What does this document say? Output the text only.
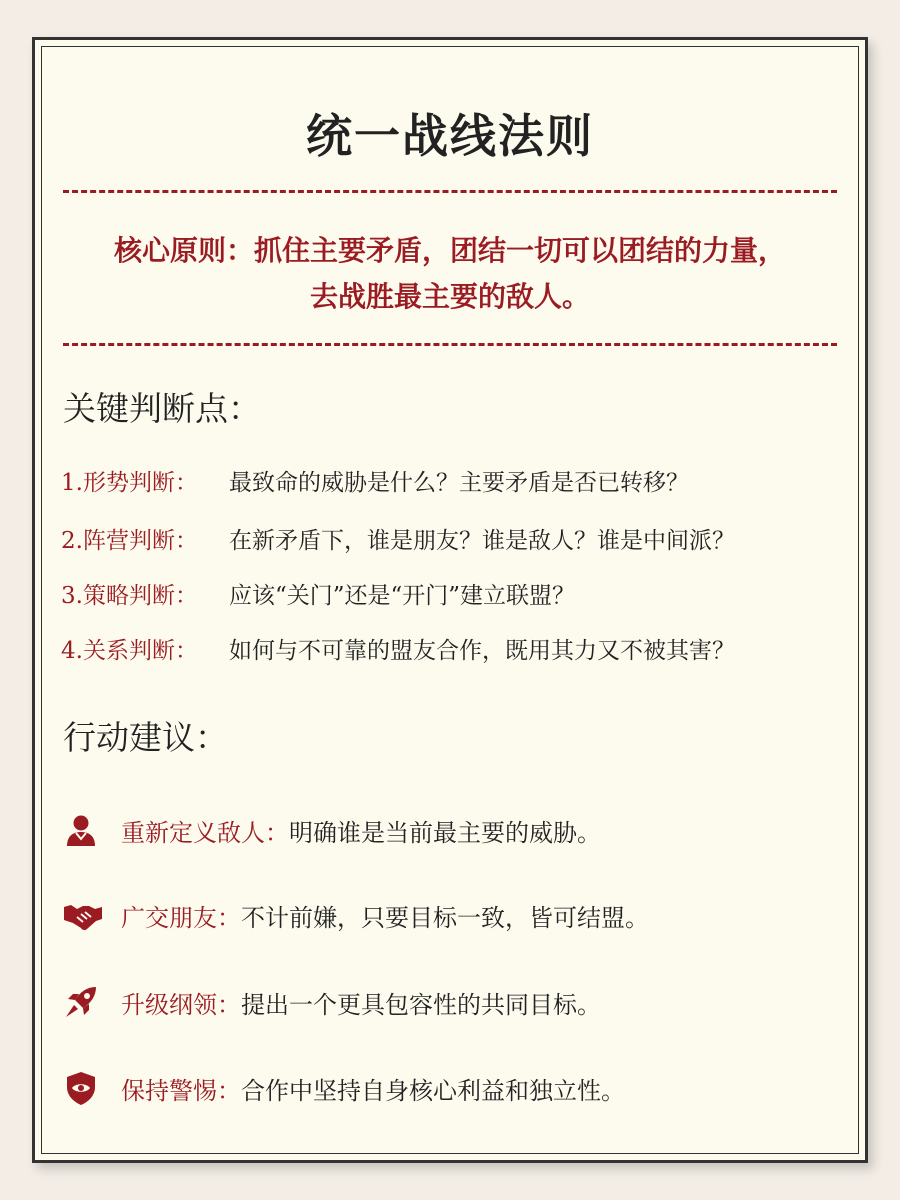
统一战线法则
核心原则：抓住主要矛盾，团结一切可以团结的力量，
去战胜最主要的敌人。
关键判断点：
1.形势判断： 最致命的威胁是什么？主要矛盾是否已转移？
2.阵营判断： 在新矛盾下，谁是朋友？谁是敌人？谁是中间派？
3.策略判断： 应该“关门”还是“开门”建立联盟？
4.关系判断： 如何与不可靠的盟友合作，既用其力又不被其害？
行动建议：
重新定义敌人： 明确谁是当前最主要的威胁。
广交朋友： 不计前嫌，只要目标一致，皆可结盟。
升级纲领： 提出一个更具包容性的共同目标。
保持警惕： 合作中坚持自身核心利益和独立性。
